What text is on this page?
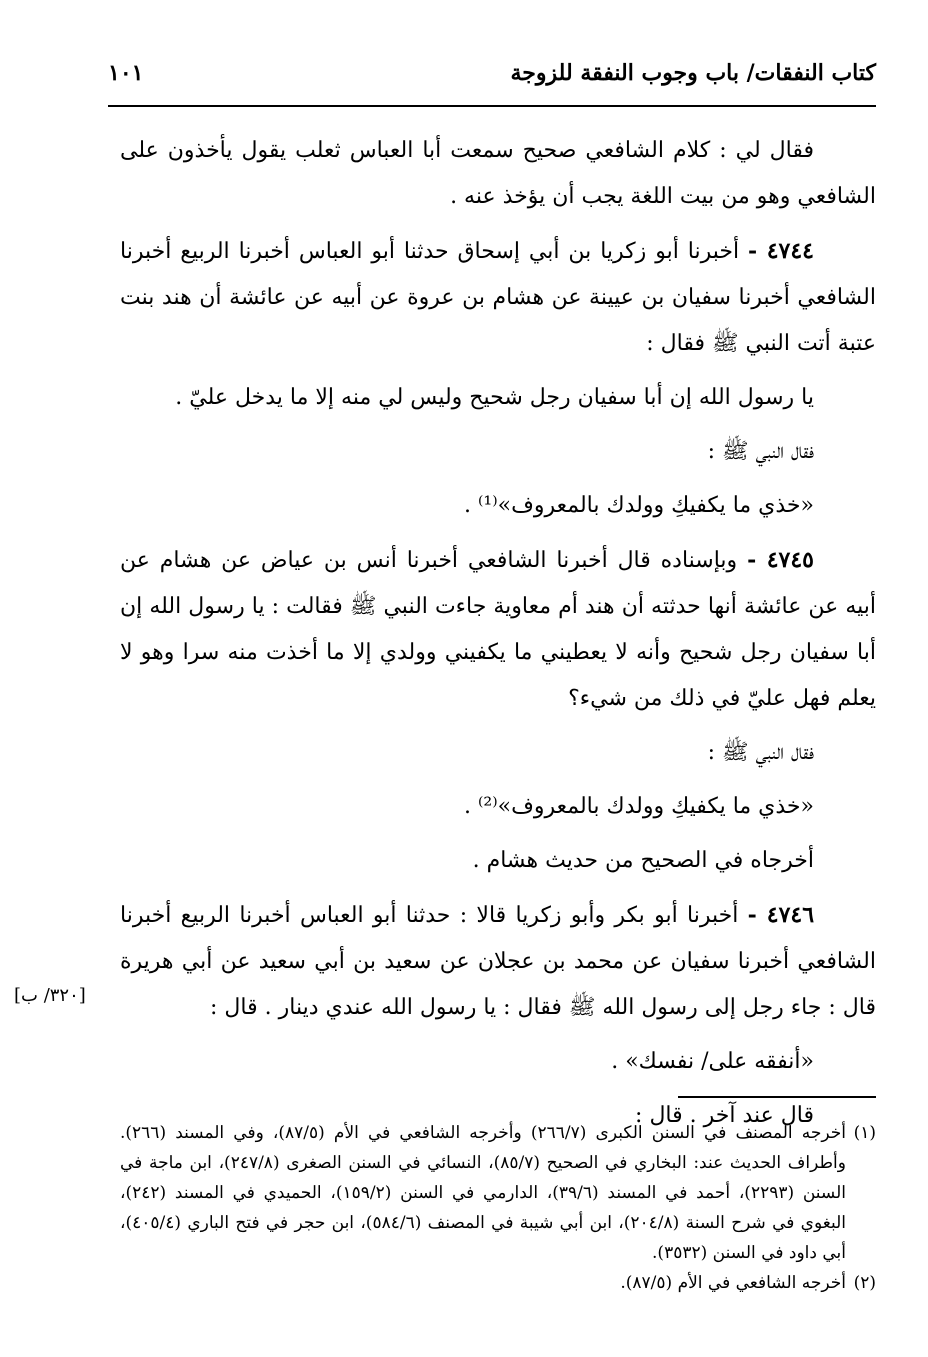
كتاب النفقات/ باب وجوب النفقة للزوجة
١٠١

فقال لي : كلام الشافعي صحيح سمعت أبا العباس ثعلب يقول يأخذون على الشافعي وهو من بيت اللغة يجب أن يؤخذ عنه .

٤٧٤٤ - أخبرنا أبو زكريا بن أبي إسحاق حدثنا أبو العباس أخبرنا الربيع أخبرنا الشافعي أخبرنا سفيان بن عيينة عن هشام بن عروة عن أبيه عن عائشة أن هند بنت عتبة أتت النبي ﷺ فقال :

يا رسول الله إن أبا سفيان رجل شحيح وليس لي منه إلا ما يدخل عليّ .

فقال النبي ﷺ :

«خذي ما يكفيكِ وولدك بالمعروف»⁽¹⁾ .

٤٧٤٥ - وبإسناده قال أخبرنا الشافعي أخبرنا أنس بن عياض عن هشام عن أبيه عن عائشة أنها حدثته أن هند أم معاوية جاءت النبي ﷺ فقالت : يا رسول الله إن أبا سفيان رجل شحيح وأنه لا يعطيني ما يكفيني وولدي إلا ما أخذت منه سرا وهو لا يعلم فهل عليّ في ذلك من شيء؟

فقال النبي ﷺ :

«خذي ما يكفيكِ وولدك بالمعروف»⁽²⁾ .

أخرجاه في الصحيح من حديث هشام .

٤٧٤٦ - أخبرنا أبو بكر وأبو زكريا قالا : حدثنا أبو العباس أخبرنا الربيع أخبرنا الشافعي أخبرنا سفيان عن محمد بن عجلان عن سعيد بن أبي سعيد عن أبي هريرة قال : جاء رجل إلى رسول الله ﷺ فقال : يا رسول الله عندي دينار . قال :

«أنفقه على/ نفسك» .

قال عند آخر . قال :

[٣٢٠/ ب]
(١)
أخرجه المصنف في السنن الكبرى (٢٦٦/٧) وأخرجه الشافعي في الأم (٨٧/٥)، وفي المسند (٢٦٦). وأطراف الحديث عند: البخاري في الصحيح (٨٥/٧)، النسائي في السنن الصغرى (٢٤٧/٨)، ابن ماجة في السنن (٢٢٩٣)، أحمد في المسند (٣٩/٦)، الدارمي في السنن (١٥٩/٢)، الحميدي في المسند (٢٤٢)، البغوي في شرح السنة (٢٠٤/٨)، ابن أبي شيبة في المصنف (٥٨٤/٦)، ابن حجر في فتح الباري (٤٠٥/٤)، أبي داود في السنن (٣٥٣٢).
(٢)
أخرجه الشافعي في الأم (٨٧/٥).
